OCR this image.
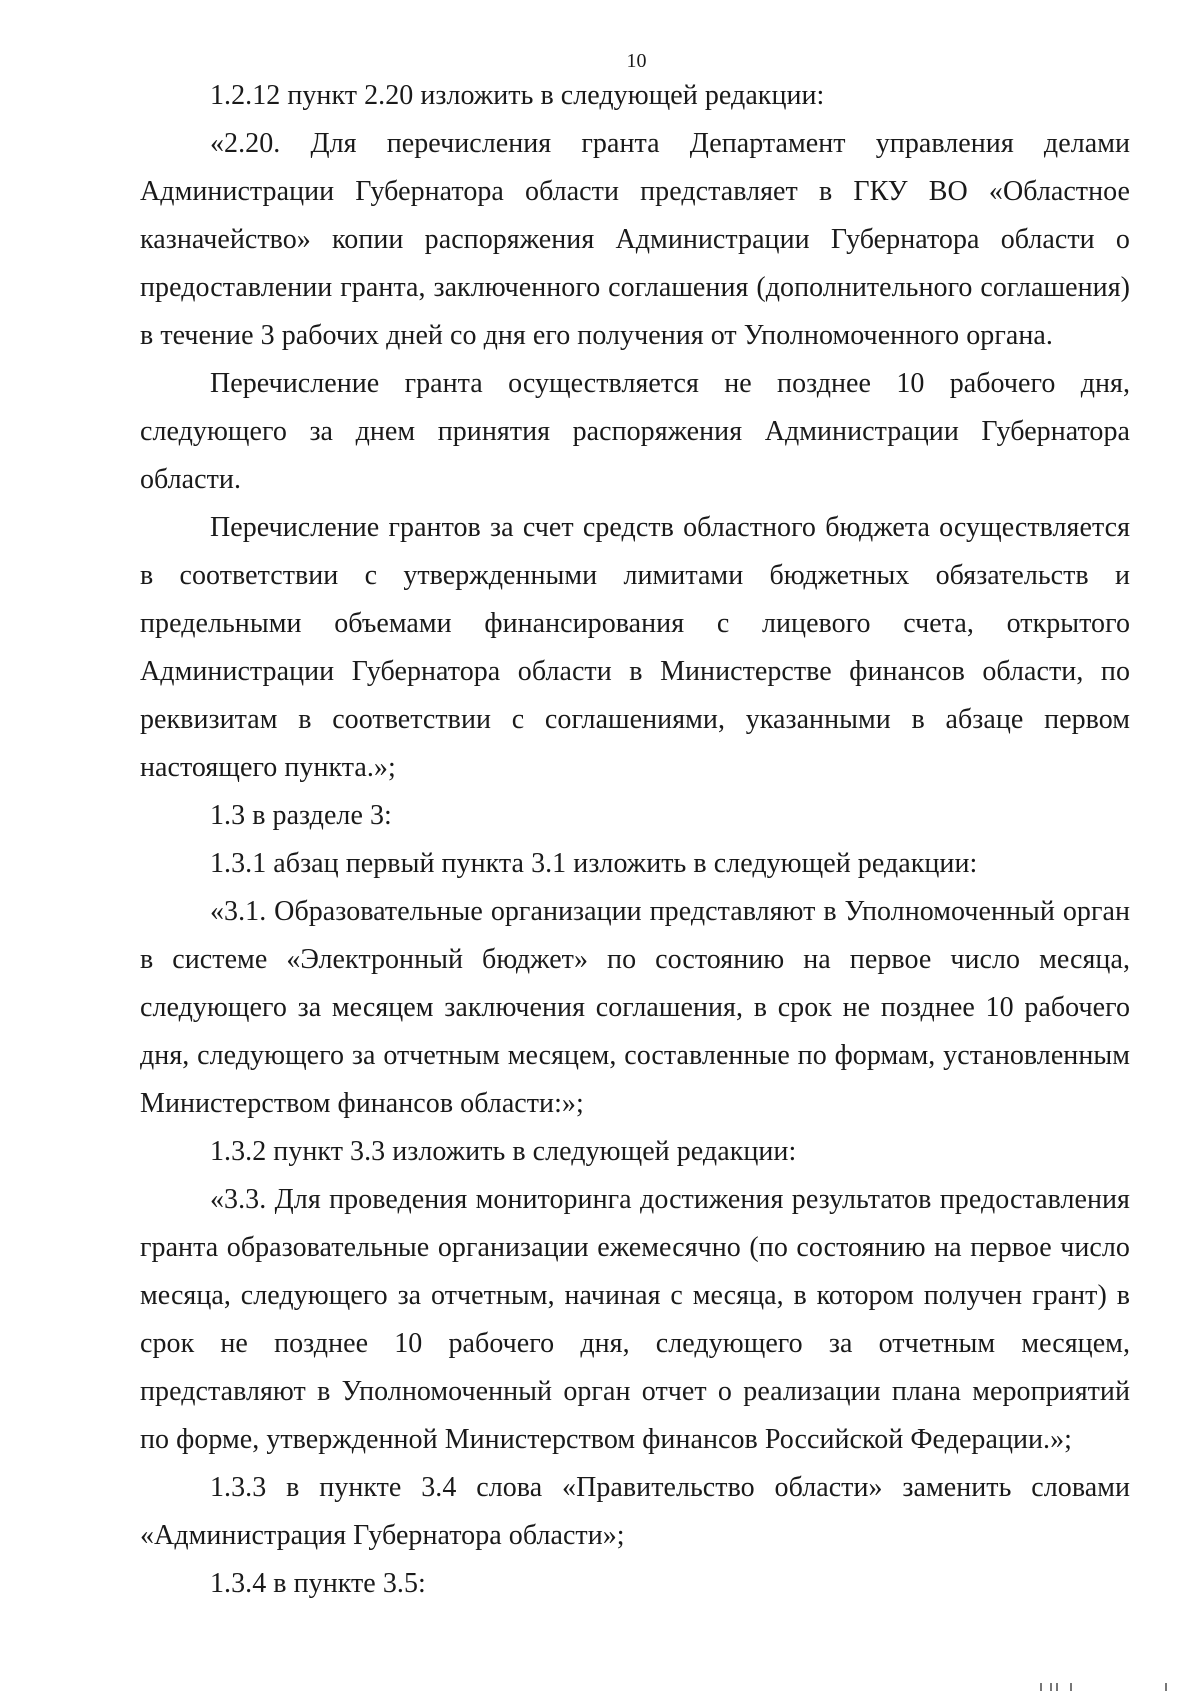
10

1.2.12 пункт 2.20 изложить в следующей редакции:

«2.20. Для перечисления гранта Департамент управления делами Администрации Губернатора области представляет в ГКУ ВО «Областное казначейство» копии распоряжения Администрации Губернатора области о предоставлении гранта, заключенного соглашения (дополнительного соглашения) в течение 3 рабочих дней со дня его получения от Уполномоченного органа.

Перечисление гранта осуществляется не позднее 10 рабочего дня, следующего за днем принятия распоряжения Администрации Губернатора области.

Перечисление грантов за счет средств областного бюджета осуществляется в соответствии с утвержденными лимитами бюджетных обязательств и предельными объемами финансирования с лицевого счета, открытого Администрации Губернатора области в Министерстве финансов области, по реквизитам в соответствии с соглашениями, указанными в абзаце первом настоящего пункта.»;

1.3 в разделе 3:

1.3.1 абзац первый пункта 3.1 изложить в следующей редакции:

«3.1. Образовательные организации представляют в Уполномоченный орган в системе «Электронный бюджет» по состоянию на первое число месяца, следующего за месяцем заключения соглашения, в срок не позднее 10 рабочего дня, следующего за отчетным месяцем, составленные по формам, установленным Министерством финансов области:»;

1.3.2 пункт 3.3 изложить в следующей редакции:

«3.3. Для проведения мониторинга достижения результатов предоставления гранта образовательные организации ежемесячно (по состоянию на первое число месяца, следующего за отчетным, начиная с месяца, в котором получен грант) в срок не позднее 10 рабочего дня, следующего за отчетным месяцем, представляют в Уполномоченный орган отчет о реализации плана мероприятий по форме, утвержденной Министерством финансов Российской Федерации.»;

1.3.3 в пункте 3.4 слова «Правительство области» заменить словами «Администрация Губернатора области»;

1.3.4 в пункте 3.5:
